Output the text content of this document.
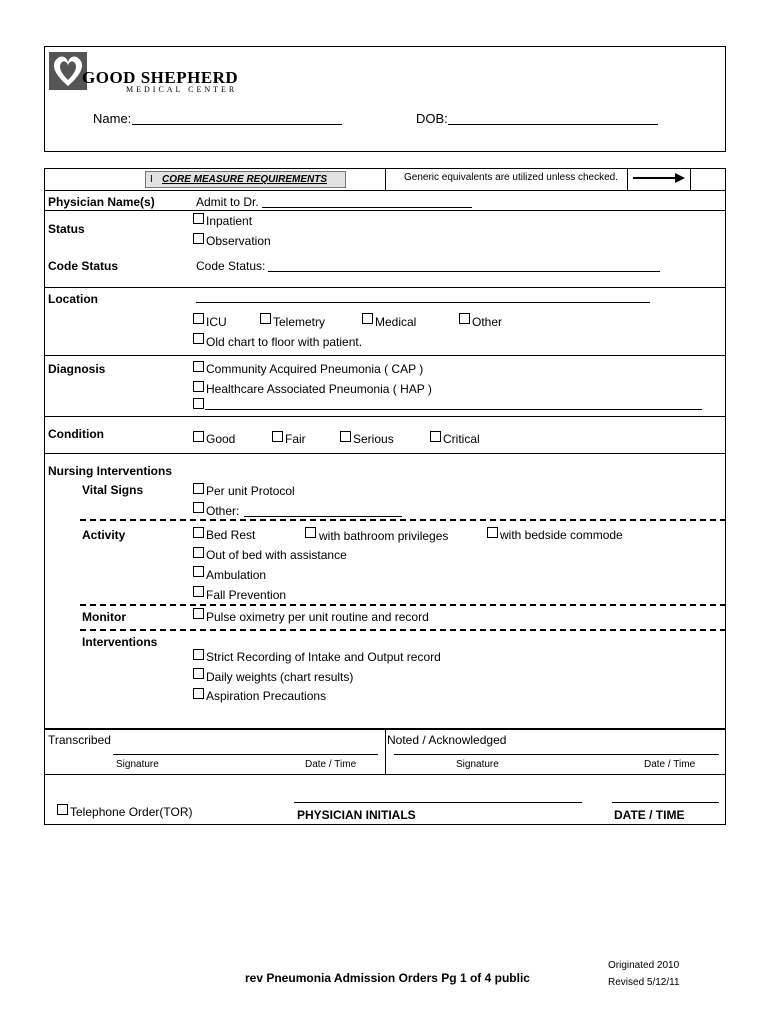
GOOD SHEPHERD
MEDICAL CENTER
Name:	DOB:
I CORE MEASURE REQUIREMENTS	Generic equivalents are utilized unless checked.
Physician Name(s)	Admit to Dr.
Status
Inpatient
Observation
Code Status	Code Status:
Location
ICU	Telemetry	Medical	Other
Old chart to floor with patient.
Diagnosis	Community Acquired Pneumonia ( CAP )
Healthcare Associated Pneumonia ( HAP )
Condition	Good	Fair	Serious	Critical
Nursing Interventions
Vital Signs	Per unit Protocol
Other:
Activity	Bed Rest	with bathroom privileges	with bedside commode
Out of bed with assistance
Ambulation
Fall Prevention
Monitor	Pulse oximetry per unit routine and record
Interventions
Strict Recording of Intake and Output record
Daily weights (chart results)
Aspiration Precautions
Transcribed
Signature	Date / Time
Noted / Acknowledged
Signature	Date / Time
Telephone Order(TOR)	PHYSICIAN INITIALS	DATE / TIME
rev Pneumonia Admission Orders Pg 1 of 4 public
Originated 2010
Revised 5/12/11
